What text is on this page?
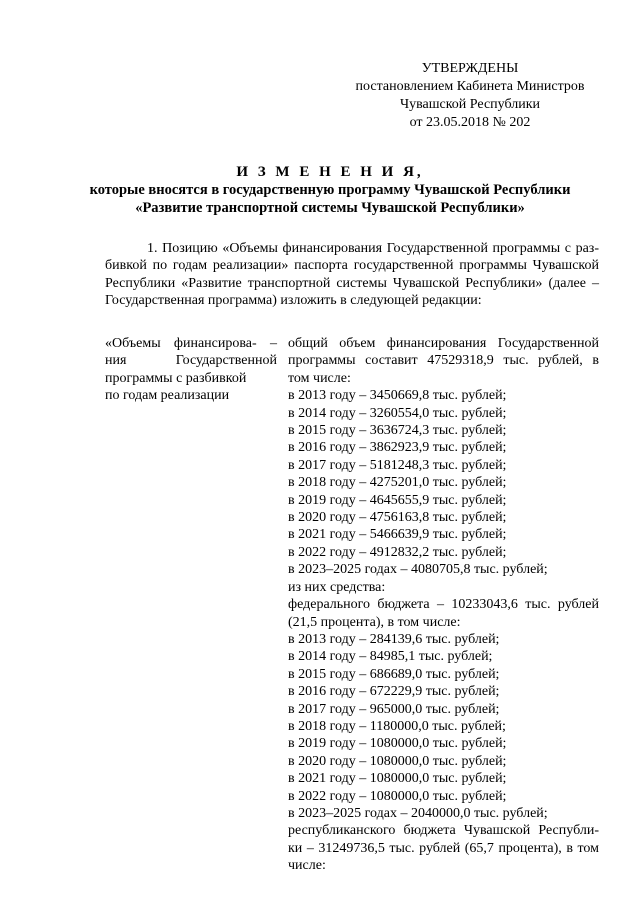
УТВЕРЖДЕНЫ
постановлением Кабинета Министров
Чувашской Республики
от 23.05.2018 № 202
И З М Е Н Е Н И Я,
которые вносятся в государственную программу Чувашской Республики
«Развитие транспортной системы Чувашской Республики»
1. Позицию «Объемы финансирования Государственной программы с раз-
бивкой по годам реализации» паспорта государственной программы Чувашской
Республики «Развитие транспортной системы Чувашской Республики» (далее –
Государственная программа) изложить в следующей редакции:
«Объемы финансирова- –
ния Государственной
программы с разбивкой
по годам реализации
общий объем финансирования Государственной
программы составит 47529318,9 тыс. рублей, в
том числе:
в 2013 году – 3450669,8 тыс. рублей;
в 2014 году – 3260554,0 тыс. рублей;
в 2015 году – 3636724,3 тыс. рублей;
в 2016 году – 3862923,9 тыс. рублей;
в 2017 году – 5181248,3 тыс. рублей;
в 2018 году – 4275201,0 тыс. рублей;
в 2019 году – 4645655,9 тыс. рублей;
в 2020 году – 4756163,8 тыс. рублей;
в 2021 году – 5466639,9 тыс. рублей;
в 2022 году – 4912832,2 тыс. рублей;
в 2023–2025 годах – 4080705,8 тыс. рублей;
из них средства:
федерального бюджета – 10233043,6 тыс. рублей
(21,5 процента), в том числе:
в 2013 году – 284139,6 тыс. рублей;
в 2014 году – 84985,1 тыс. рублей;
в 2015 году – 686689,0 тыс. рублей;
в 2016 году – 672229,9 тыс. рублей;
в 2017 году – 965000,0 тыс. рублей;
в 2018 году – 1180000,0 тыс. рублей;
в 2019 году – 1080000,0 тыс. рублей;
в 2020 году – 1080000,0 тыс. рублей;
в 2021 году – 1080000,0 тыс. рублей;
в 2022 году – 1080000,0 тыс. рублей;
в 2023–2025 годах – 2040000,0 тыс. рублей;
республиканского бюджета Чувашской Республи-
ки – 31249736,5 тыс. рублей (65,7 процента), в том
числе:
